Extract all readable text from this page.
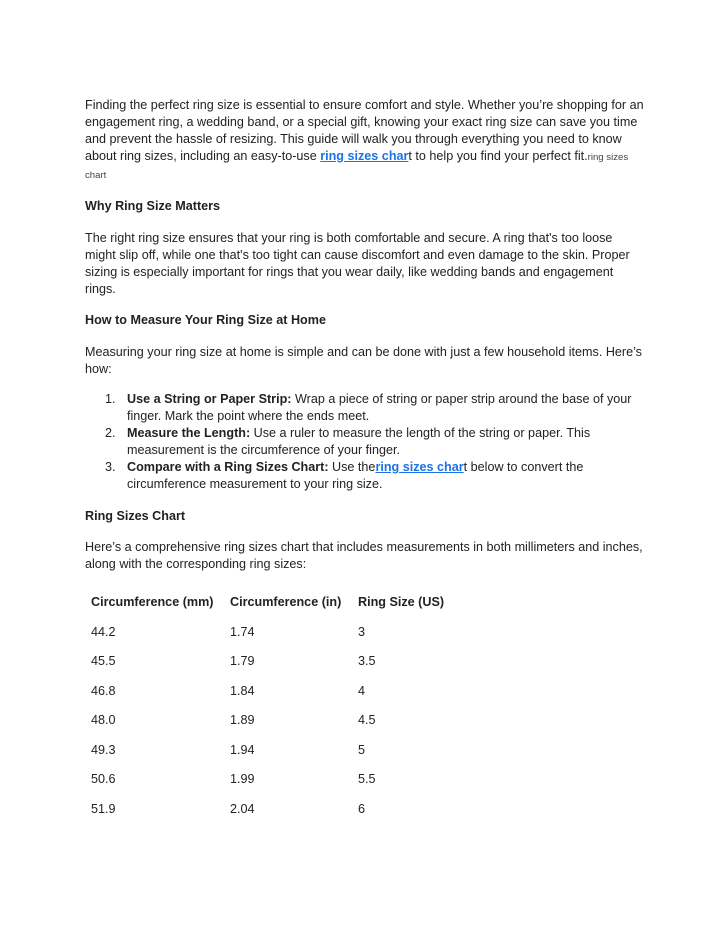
Finding the perfect ring size is essential to ensure comfort and style. Whether you’re shopping for an engagement ring, a wedding band, or a special gift, knowing your exact ring size can save you time and prevent the hassle of resizing. This guide will walk you through everything you need to know about ring sizes, including an easy-to-use ring sizes chart to help you find your perfect fit.ring sizes chart

Why Ring Size Matters

The right ring size ensures that your ring is both comfortable and secure. A ring that's too loose might slip off, while one that's too tight can cause discomfort and even damage to the skin. Proper sizing is especially important for rings that you wear daily, like wedding bands and engagement rings.

How to Measure Your Ring Size at Home

Measuring your ring size at home is simple and can be done with just a few household items. Here’s how:

1. Use a String or Paper Strip: Wrap a piece of string or paper strip around the base of your finger. Mark the point where the ends meet.
2. Measure the Length: Use a ruler to measure the length of the string or paper. This measurement is the circumference of your finger.
3. Compare with a Ring Sizes Chart: Use thering sizes chart below to convert the circumference measurement to your ring size.

Ring Sizes Chart

Here’s a comprehensive ring sizes chart that includes measurements in both millimeters and inches, along with the corresponding ring sizes:

Circumference (mm)	Circumference (in)	Ring Size (US)
44.2	1.74	3
45.5	1.79	3.5
46.8	1.84	4
48.0	1.89	4.5
49.3	1.94	5
50.6	1.99	5.5
51.9	2.04	6
